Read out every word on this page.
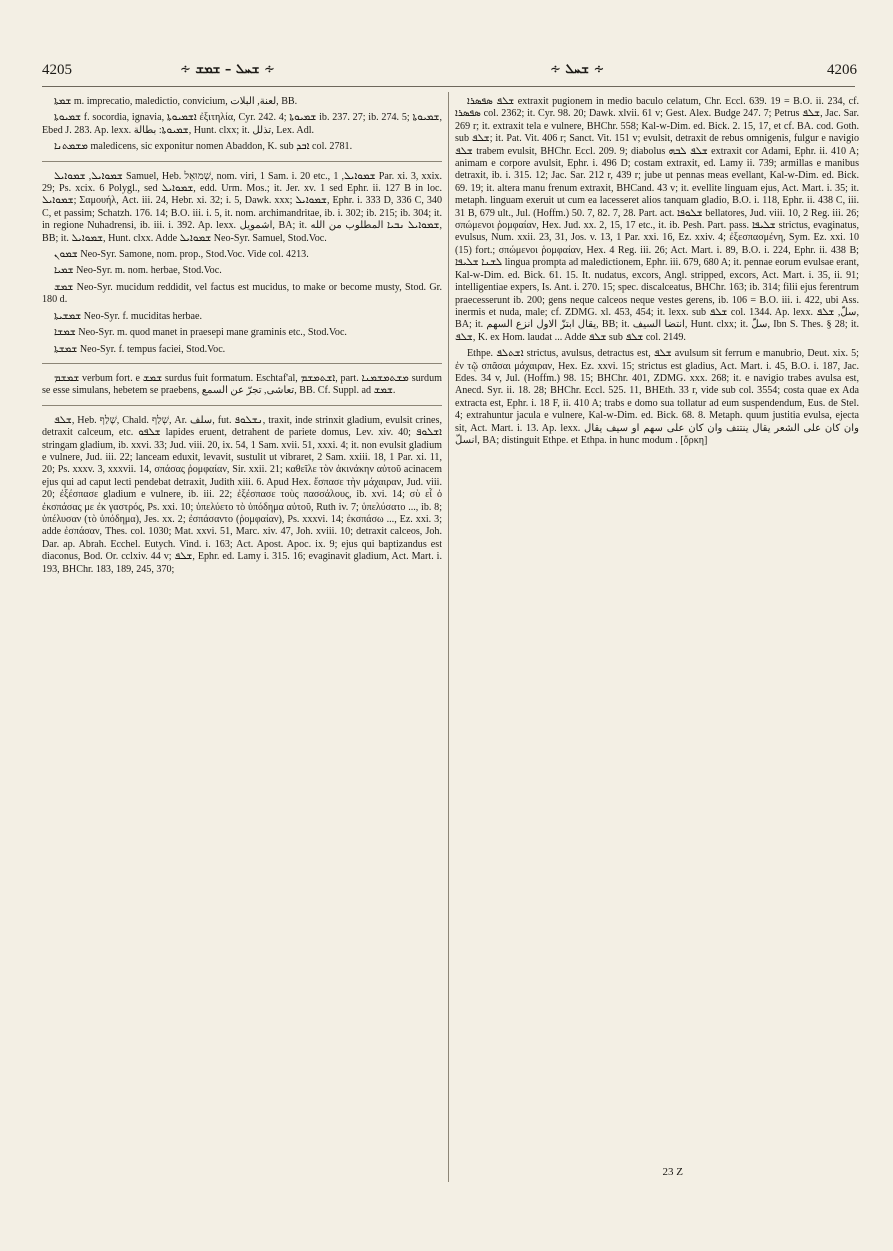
4205	∻ ܫܚܠ – ܫܡܫ ∻	∻ ܫܚܠ ∻	4206

ܫܡܬܐ m. imprecatio, maledictio, convicium, لعنة, البلات, BB.

ܫܡܝܘܬܐ f. socordia, ignavia, ܐܫܡܝܘܬܐ ἐξιτηλία, Cyr. 242. 4; ܫܡܝܘܬܐ ib. 237. 27; ib. 274. 5; ܫܡܝܘܬܐ, Ebed J. 283. Ap. lexx. ܫܡܝܘܬܐ: بطالة, Hunt. clxx; it. تذلل, Lex. Adl.

ܡܫܡܬܢܐ maledicens, sic exponitur nomen Abaddon, K. sub ܐܒܕ col. 2781.

ܫܡܘܐܝܠ, ܫܡܘܐܝܠ Samuel, Heb. שְׁמוּאֵל, nom. viri, 1 Sam. i. 20 etc., ܫܡܘܐܝܠ, 1 Par. xi. 3, xxix. 29; Ps. xcix. 6 Polygl., sed ܫܡܘܐܝܠ, edd. Urm. Mos.; it. Jer. xv. 1 sed Ephr. ii. 127 B in loc. ܫܡܘܐܝܠ; Σαμουήλ, Act. iii. 24, Hebr. xi. 32; i. 5, Dawk. xxx; ܫܡܘܐܝܠ, Ephr. i. 333 D, 336 C, 340 C, et passim; Schatzh. 176. 14; B.O. iii. i. 5, it. nom. archimandritae, ib. i. 302; ib. 215; ib. 304; it. in regione Nuhadrensi, ib. iii. i. 392. Ap. lexx. اشمويل, BA; it. ܫܡܘܐܝܠ ܢܒܝܐ المطلوب من الله, BB; it. ܫܡܘܐܝܠ, Hunt. clxx. Adde ܫܡܘܐܝܠ Neo-Syr. Samuel, Stod.Voc.

ܫܡܘܢ Neo-Syr. Samone, nom. prop., Stod.Voc. Vide col. 4213.

ܫܡܝܐ Neo-Syr. m. nom. herbae, Stod.Voc.

ܫܡܫ Neo-Syr. mucidum reddidit, vel factus est mucidus, to make or become musty, Stod. Gr. 180 d.

ܫܡܫܝܬܐ Neo-Syr. f. muciditas herbae.

ܫܡܫܐ Neo-Syr. m. quod manet in praesepi mane graminis etc., Stod.Voc.

ܫܡܫܬܐ Neo-Syr. f. tempus faciei, Stod.Voc.

ܫܡܫܡ verbum fort. e ܫܡܫ surdus fuit formatum. Eschtaf'al, ܐܫܬܡܫܡ, part. ܡܫܬܡܫܡܢܐ surdum se esse simulans, hebetem se praebens, تعاشى, تجرّ عن السمع, BB. Cf. Suppl. ad ܫܡܫ.

ܫܠܦ, Heb. שָׁלַף, Chald. שְׁלַף, Ar. سلف, fut. ܢܫܠܘܦ, traxit, inde strinxit gladium, evulsit crines, detraxit calceum, etc. ܫܠܦܘ lapides eruent, detrahent de pariete domus, Lev. xiv. 40; ܐܫܠܘܦ stringam gladium, ib. xxvi. 33; Jud. viii. 20, ix. 54, 1 Sam. xvii. 51, xxxi. 4; it. non evulsit gladium e vulnere, Jud. iii. 22; lanceam eduxit, levavit, sustulit ut vibraret, 2 Sam. xxiii. 18, 1 Par. xi. 11, 20; Ps. xxxv. 3, xxxvii. 14, σπάσας ῥομφαίαν, Sir. xxii. 21; καθεῖλε τὸν ἀκινάκην αὐτοῦ acinacem ejus qui ad caput lecti pendebat detraxit, Judith xiii. 6. Apud Hex. ἔσπασε τὴν μάχαιραν, Jud. viii. 20; ἐξέσπασε gladium e vulnere, ib. iii. 22; ἐξέσπασε τοὺς πασσάλους, ib. xvi. 14; σὺ εἶ ὁ ἐκσπάσας με ἐκ γαστρός, Ps. xxi. 10; ὑπελύετο τὸ ὑπόδημα αὐτοῦ, Ruth iv. 7; ὑπελύσατο ..., ib. 8; ὑπέλυσαν (τὸ ὑπόδημα), Jes. xx. 2; ἐσπάσαντο (ῥομφαίαν), Ps. xxxvi. 14; ἐκσπάσω ..., Ez. xxi. 3; adde ἐσπάσαν, Thes. col. 1030; Mat. xxvi. 51, Marc. xiv. 47, Joh. xviii. 10; detraxit calceos, Joh. Dar. ap. Abrah. Ecchel. Eutych. Vind. i. 163; Act. Apost. Apoc. ix. 9; ejus qui baptizandus est diaconus, Bod. Or. cclxiv. 44 v; ܫܠܦ, Ephr. ed. Lamy i. 315. 16; evaginavit gladium, Act. Mart. i. 193, BHChr. 183, 189, 245, 370;

ܫܠܦ ܣܦܣܪܐ extraxit pugionem in medio baculo celatum, Chr. Eccl. 639. 19 = B.O. ii. 234, cf. ܣܦܣܪܐ col. 2362; it. Cyr. 98. 20; Dawk. xlvii. 61 v; Gest. Alex. Budge 247. 7; Petrus ܫܠܦ, Jac. Sar. 269 r; it. extraxit tela e vulnere, BHChr. 558; Kal-w-Dim. ed. Bick. 2. 15, 17, et cf. BA. cod. Goth. sub ܫܠܦ; it. Pat. Vit. 406 r; Sanct. Vit. 151 v; evulsit, detraxit de rebus omnigenis, fulgur e navigio ܫܠܦ trabem evulsit, BHChr. Eccl. 209. 9; diabolus ܫܠܦ ܠܒܗ extraxit cor Adami, Ephr. ii. 410 A; animam e corpore avulsit, Ephr. i. 496 D; costam extraxit, ed. Lamy ii. 739; armillas e manibus detraxit, ib. i. 315. 12; Jac. Sar. 212 r, 439 r; jube ut pennas meas evellant, Kal-w-Dim. ed. Bick. 69. 19; it. altera manu frenum extraxit, BHCand. 43 v; it. evellite linguam ejus, Act. Mart. i. 35; it. metaph. linguam exeruit ut cum ea lacesseret alios tanquam gladio, B.O. i. 118, Ephr. ii. 438 C, iii. 31 B, 679 ult., Jul. (Hoffm.) 50. 7, 82. 7, 28. Part. act. ܫܠܘܦܐ bellatores, Jud. viii. 10, 2 Reg. iii. 26; σπώμενοι ῥομφαίαν, Hex. Jud. xx. 2, 15, 17 etc., it. ib. Pesh. Part. pass. ܫܠܝܦܐ strictus, evaginatus, evulsus, Num. xxii. 23, 31, Jos. v. 13, 1 Par. xxi. 16, Ez. xxiv. 4; ἐξεσπασμένη, Sym. Ez. xxi. 10 (15) fort.; σπώμενοι ῥομφαίαν, Hex. 4 Reg. iii. 26; Act. Mart. i. 89, B.O. i. 224, Ephr. ii. 438 B; ܠܫܢܐ ܫܠܝܦܐ lingua prompta ad maledictionem, Ephr. iii. 679, 680 A; it. pennae eorum evulsae erant, Kal-w-Dim. ed. Bick. 61. 15. It. nudatus, excors, Angl. stripped, excors, Act. Mart. i. 35, ii. 91; intelligentiae expers, Is. Ant. i. 270. 15; spec. discalceatus, BHChr. 163; ib. 314; filii ejus ferentrum praecesserunt ib. 200; gens neque calceos neque vestes gerens, ib. 106 = B.O. iii. i. 422, ubi Ass. inermis et nuda, male; cf. ZDMG. xl. 453, 454; it. lexx. sub ܫܠܦ col. 1344. Ap. lexx. سلّ, ܫܠܦ, BA; it. يقال ابتزّ الاول انزع السهم, BB; it. انتضا السيف, Hunt. clxx; it. سلّ, Ibn S. Thes. § 28; it. ܫܠܦ, K. ex Hom. laudat ... Adde ܫܠܦ sub ܫܠܦ col. 2149.

Ethpe. ܐܫܬܠܦ strictus, avulsus, detractus est, ܫܠܦ avulsum sit ferrum e manubrio, Deut. xix. 5; ἐν τῷ σπᾶσαι μάχαιραν, Hex. Ez. xxvi. 15; strictus est gladius, Act. Mart. i. 45, B.O. i. 187, Jac. Edes. 34 v, Jul. (Hoffm.) 98. 15; BHChr. 401, ZDMG. xxx. 268; it. e navigio trabes avulsa est, Anecd. Syr. ii. 18. 28; BHChr. Eccl. 525. 11, BHEth. 33 r, vide sub col. 3554; costa quae ex Ada extracta est, Ephr. i. 18 F, ii. 410 A; trabs e domo sua tollatur ad eum suspendendum, Eus. de Stel. 4; extrahuntur jacula e vulnere, Kal-w-Dim. ed. Bick. 68. 8. Metaph. quum justitia evulsa, ejecta sit, Act. Mart. i. 13. Ap. lexx. وان كان على الشعر يقال ينتتف وان كان على سهم او سيف يقال انسلّ, BA; distinguit Ethpe. et Ethpa. in hunc modum . [ὅρκη]

23 Z
